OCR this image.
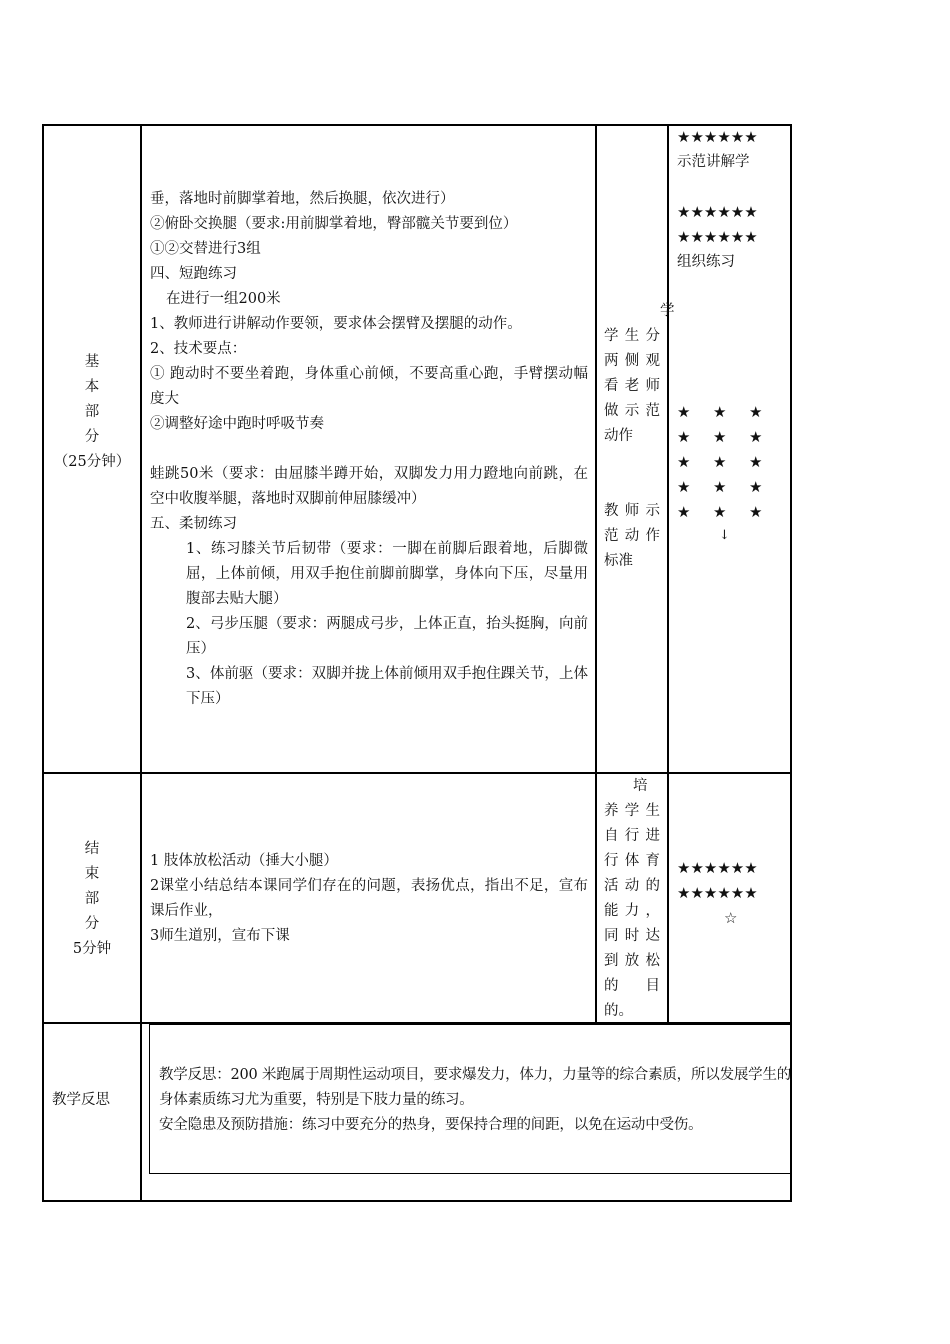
基
本
部
分
（25分钟）

垂，落地时前脚掌着地，然后换腿，依次进行）

②俯卧交换腿（要求:用前脚掌着地，臀部髋关节要到位）

①②交替进行3组

四、短跑练习

在进行一组200米

1、教师进行讲解动作要领，要求体会摆臂及摆腿的动作。

2、技术要点：

① 跑动时不要坐着跑，身体重心前倾，不要高重心跑，手臂摆动幅度大

②调整好途中跑时呼吸节奏

蛙跳50米（要求：由屈膝半蹲开始，双脚发力用力蹬地向前跳，在空中收腹举腿，落地时双脚前伸屈膝缓冲）

五、柔韧练习

1、练习膝关节后韧带（要求：一脚在前脚后跟着地，后脚微屈，上体前倾，用双手抱住前脚前脚掌，身体向下压，尽量用腹部去贴大腿）

2、弓步压腿（要求：两腿成弓步，上体正直，抬头挺胸，向前压）

3、体前驱（要求：双脚并拢上体前倾用双手抱住踝关节，上体下压）

学
学生分两侧观看老师做示范动作
教师示范动作标准
★★★★★★
示范讲解学
★★★★★★
★★★★★★
组织练习
★ ★ ★
★ ★ ★
★ ★ ★
★ ★ ★
★ ★ ★
↓
结
束
部
分
5分钟

1 肢体放松活动（捶大小腿）

2课堂小结总结本课同学们存在的问题，表扬优点，指出不足，宣布课后作业，

3师生道别，宣布下课

培
养学生自行进行体育活动的能力，同时达到放松的　目的。
★★★★★★
★★★★★★
☆
教学反思

教学反思：200 米跑属于周期性运动项目，要求爆发力，体力，力量等的综合素质，所以发展学生的身体素质练习尤为重要，特别是下肢力量的练习。

安全隐患及预防措施：练习中要充分的热身，要保持合理的间距，以免在运动中受伤。
